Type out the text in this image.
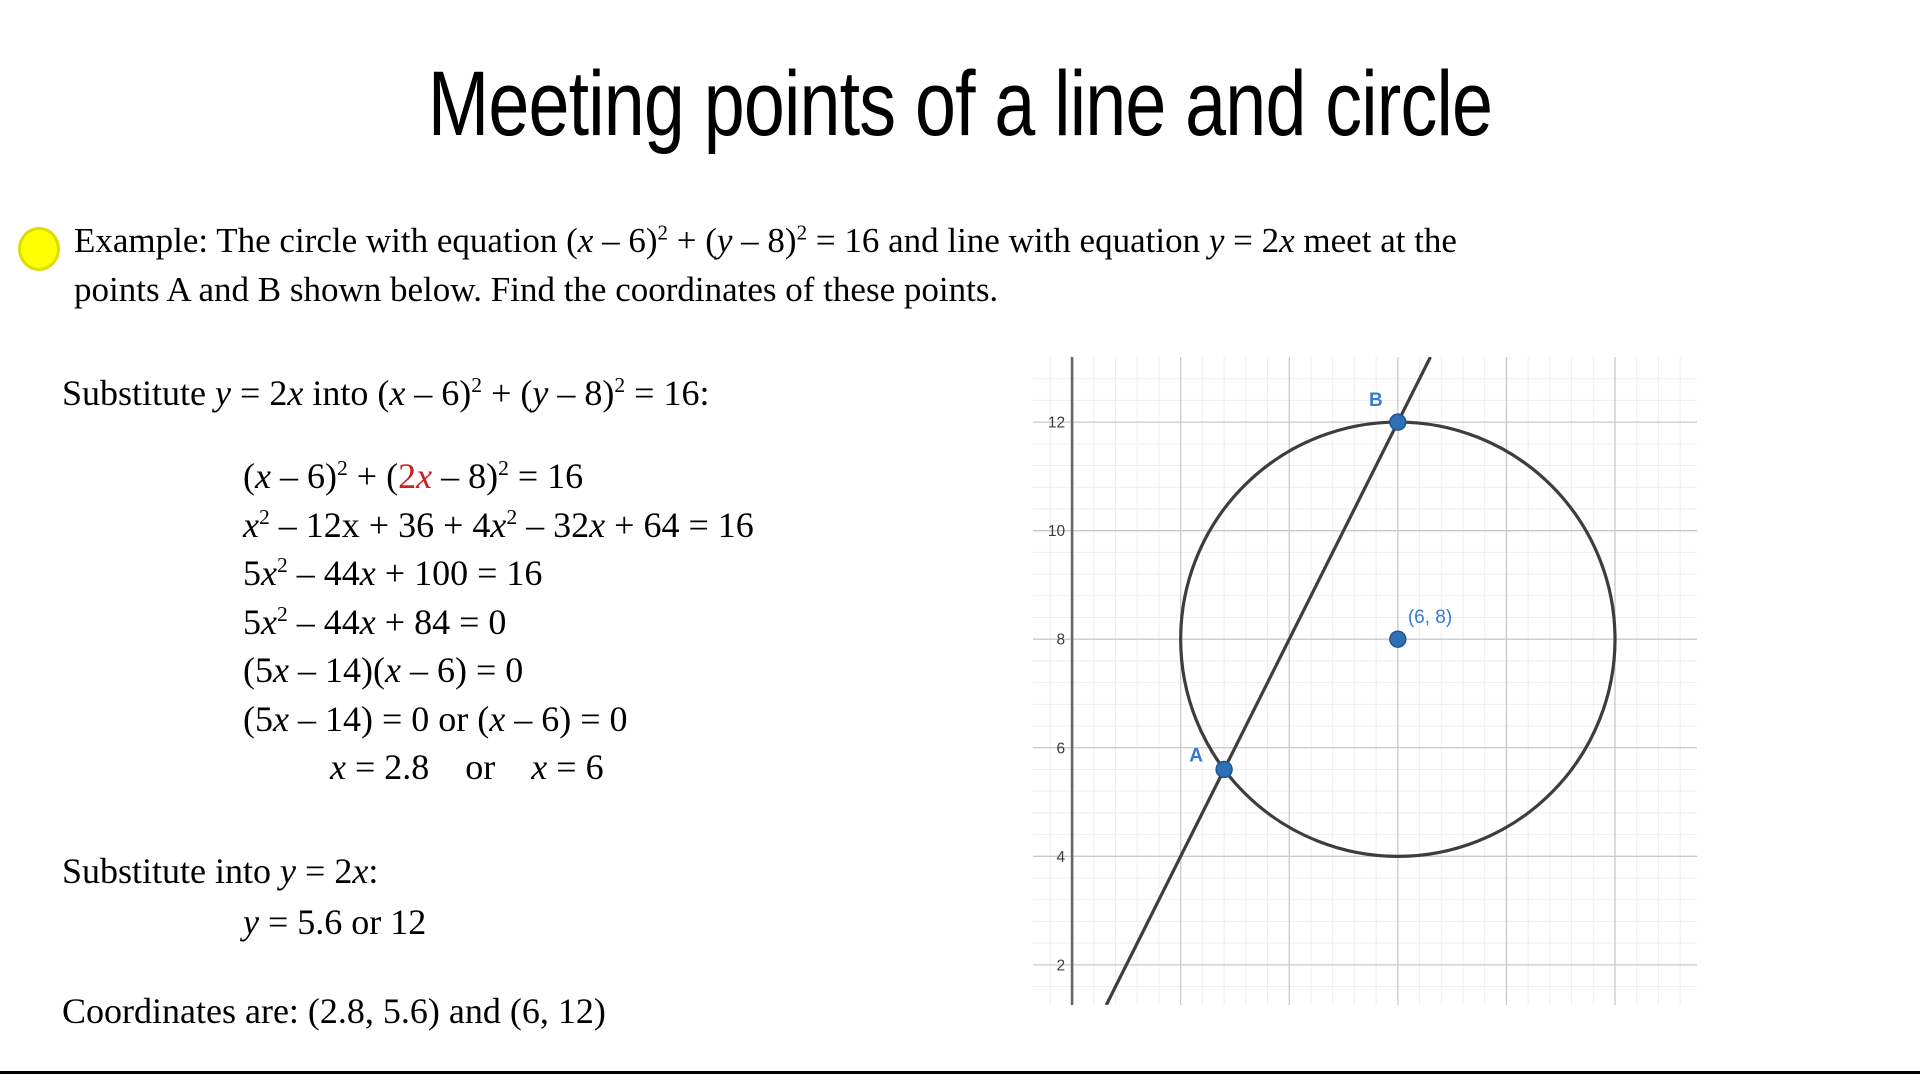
Meeting points of a line and circle
Example: The circle with equation (x – 6)$^2$ + (y – 8)$^2$ = 16 and line with equation y = 2x meet at the
points A and B shown below. Find the coordinates of these points.
Substitute y = 2x into (x – 6)$^2$ + (y – 8)$^2$ = 16:
(x – 6)$^2$ + (2x – 8)$^2$ = 16
$x^2 - 12x + 36 + 4x^2 - 32x + 64 = 16$
$5x^2 - 44x + 100 = 16$
$5x^2 - 44x + 84 = 0$
(5x – 14)(x – 6) = 0
(5x – 14) = 0 or (x – 6) = 0
x = 2.8    or    x = 6
Substitute into y = 2x:
y = 5.6 or 12
Coordinates are: (2.8, 5.6) and (6, 12)
2
4
6
8
10
12
A
B
(6, 8)
